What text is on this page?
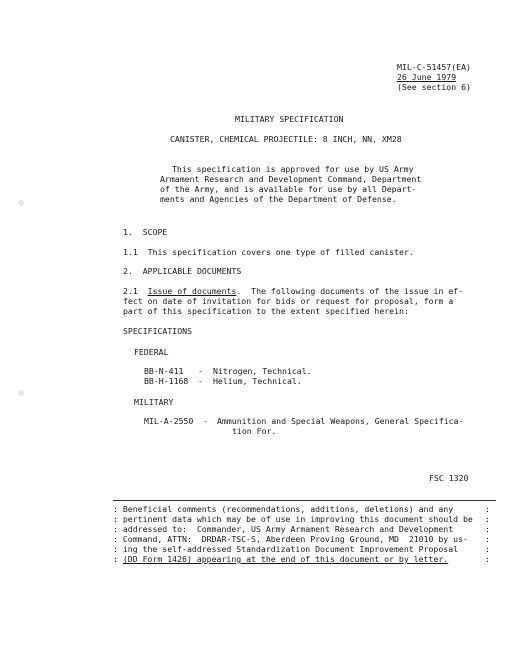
MIL-C-51457(EA)
26 June 1979
(See section 6)
MILITARY SPECIFICATION
CANISTER, CHEMICAL PROJECTILE: 8 INCH, NN, XM28
This specification is approved for use by US Army
Armament Research and Development Command, Department
of the Army, and is available for use by all Depart-
ments and Agencies of the Department of Defense.
1.  SCOPE
1.1  This specification covers one type of filled canister.
2.  APPLICABLE DOCUMENTS
2.1  Issue of documents.  The following documents of the issue in ef-
fect on date of invitation for bids or request for proposal, form a
part of this specification to the extent specified herein:
SPECIFICATIONS
FEDERAL
BB-N-411 - Nitrogen, Technical.
BB-H-1168 - Helium, Technical.
MILITARY
MIL-A-2550 - Ammunition and Special Weapons, General Specifica-
tion For.
FSC 1320
: Beneficial comments (recommendations, additions, deletions) and any	:
: pertinent data which may be of use in improving this document should be :
: addressed to:  Commander, US Army Armament Research and Development	:
: Command, ATTN:  DRDAR-TSC-S, Aberdeen Proving Ground, MD  21010 by us- :
: ing the self-addressed Standardization Document Improvement Proposal	:
: (DD Form 1426) appearing at the end of this document or by letter.	:
